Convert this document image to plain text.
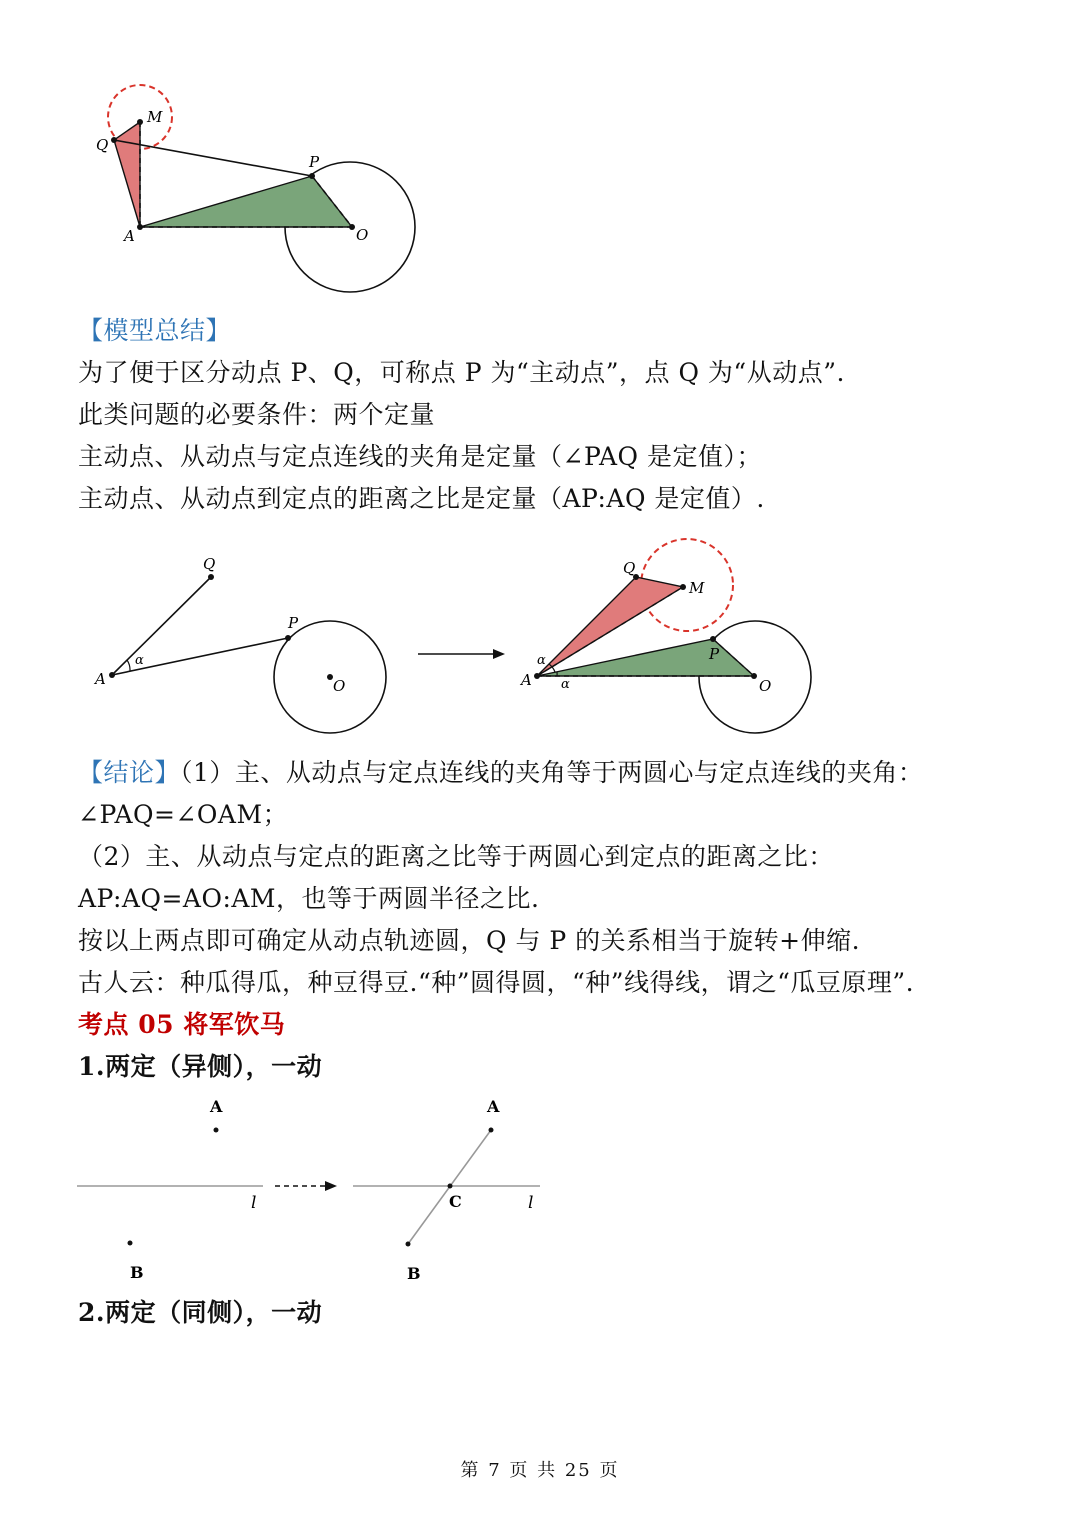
M
Q
P
A	O
【模型总结】
为了便于区分动点 P、Q，可称点 P 为“主动点”，点 Q 为“从动点”.
此类问题的必要条件：两个定量
主动点、从动点与定点连线的夹角是定量（∠PAQ 是定值）；
主动点、从动点到定点的距离之比是定量（AP:AQ 是定值）.
Q
P
A	O
α
Q
M
P
A	O
α
α
【结论】（1）主、从动点与定点连线的夹角等于两圆心与定点连线的夹角：
∠PAQ=∠OAM；
（2）主、从动点与定点的距离之比等于两圆心到定点的距离之比：
AP:AQ=AO:AM，也等于两圆半径之比.
按以上两点即可确定从动点轨迹圆，Q 与 P 的关系相当于旋转+伸缩.
古人云：种瓜得瓜，种豆得豆.“种”圆得圆，“种”线得线，谓之“瓜豆原理”.
考点 05 将军饮马
1.两定（异侧），一动
A
B
l
A
B
C	l
2.两定（同侧），一动
第 7 页 共 25 页
